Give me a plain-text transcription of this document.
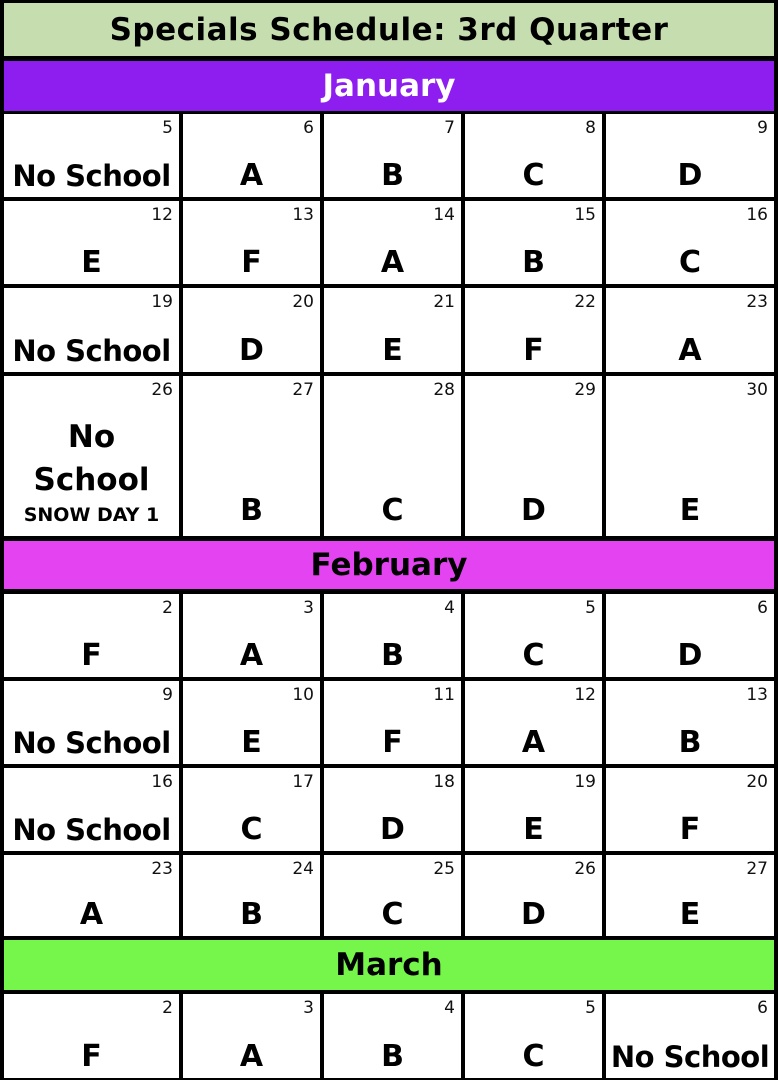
Specials Schedule: 3rd Quarter
January
5
No School
6
A
7
B
8
C
9
D
12
E
13
F
14
A
15
B
16
C
19
No School
20
D
21
E
22
F
23
A
26
No
School
SNOW DAY 1
27
B
28
C
29
D
30
E
February
2
F
3
A
4
B
5
C
6
D
9
No School
10
E
11
F
12
A
13
B
16
No School
17
C
18
D
19
E
20
F
23
A
24
B
25
C
26
D
27
E
March
2
F
3
A
4
B
5
C
6
No School
